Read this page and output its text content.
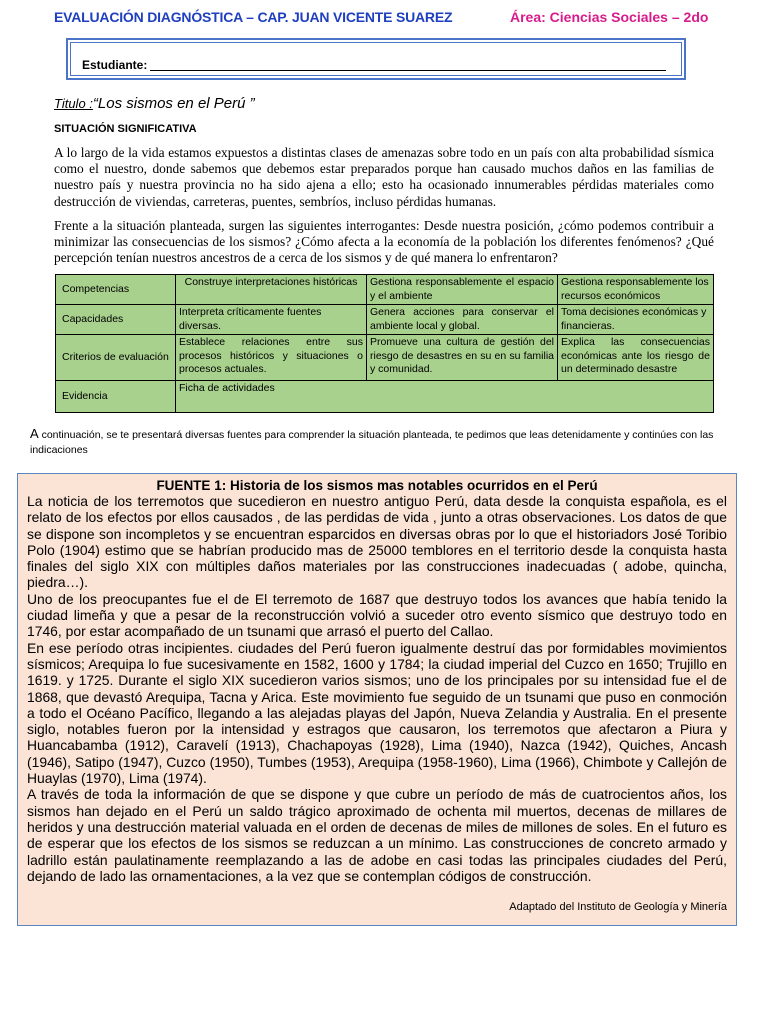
EVALUACIÓN DIAGNÓSTICA – CAP. JUAN VICENTE SUAREZ	Área: Ciencias Sociales – 2do
Estudiante:
Titulo :“Los sismos en el Perú ”
SITUACIÓN SIGNIFICATIVA
A lo largo de la vida estamos expuestos a distintas clases de amenazas sobre todo en un país con alta probabilidad sísmica como el nuestro, donde sabemos que debemos estar preparados porque han causado muchos daños en las familias de nuestro país y nuestra provincia no ha sido ajena a ello; esto ha ocasionado innumerables pérdidas materiales como destrucción de viviendas, carreteras, puentes, sembríos, incluso pérdidas humanas.
Frente a la situación planteada, surgen las siguientes interrogantes: Desde nuestra posición, ¿cómo podemos contribuir a minimizar las consecuencias de los sismos? ¿Cómo afecta a la economía de la población los diferentes fenómenos? ¿Qué percepción tenían nuestros ancestros de a cerca de los sismos y de qué manera lo enfrentaron?
Competencias	Construye interpretaciones históricas	Gestiona responsablemente el espacio y el ambiente	Gestiona responsablemente los recursos económicos
Capacidades	Interpreta críticamente fuentes diversas.	Genera acciones para conservar el ambiente local y global.	Toma decisiones económicas y financieras.
Criterios de evaluación	Establece relaciones entre sus procesos históricos y situaciones o procesos actuales.	Promueve una cultura de gestión del riesgo de desastres en su en su familia y comunidad.	Explica las consecuencias económicas ante los riesgo de un determinado desastre
Evidencia	Ficha de actividades		
A continuación, se te presentará diversas fuentes para comprender la situación planteada, te pedimos que leas detenidamente y continúes con las indicaciones
FUENTE 1: Historia de los sismos mas notables ocurridos en el Perú

La noticia de los terremotos que sucedieron en nuestro antiguo Perú, data desde la conquista española, es el relato de los efectos por ellos causados , de las perdidas de vida , junto a otras observaciones. Los datos de que se dispone son incompletos y se encuentran esparcidos en diversas obras por lo que el historiadors José Toribio Polo (1904) estimo que se habrían producido mas de 25000 temblores en el territorio desde la conquista hasta finales del siglo XIX con múltiples daños materiales por las construcciones inadecuadas ( adobe, quincha, piedra…).

Uno de los preocupantes fue el de El terremoto de 1687 que destruyo todos los avances que había tenido la ciudad limeña y que a pesar de la reconstrucción volvió a suceder otro evento sísmico que destruyo todo en 1746, por estar acompañado de un tsunami que arrasó el puerto del Callao.

En ese período otras incipientes. ciudades del Perú fueron igualmente destruí das por formidables movimientos sísmicos; Arequipa lo fue sucesivamente en 1582, 1600 y 1784; la ciudad imperial del Cuzco en 1650; Trujillo en 1619. y 1725. Durante el siglo XIX sucedieron varios sismos; uno de los principales por su intensidad fue el de 1868, que devastó Arequipa, Tacna y Arica. Este movimiento fue seguido de un tsunami que puso en conmoción a todo el Océano Pacífico, llegando a las alejadas playas del Japón, Nueva Zelandia y Australia. En el presente siglo, notables fueron por la intensidad y estragos que causaron, los terremotos que afectaron a Piura y Huancabamba (1912), Caravelí (1913), Chachapoyas (1928), Lima (1940), Nazca (1942), Quiches, Ancash (1946), Satipo (1947), Cuzco (1950), Tumbes (1953), Arequipa (1958-1960), Lima (1966), Chimbote y Callejón de Huaylas (1970), Lima (1974).

A través de toda la información de que se dispone y que cubre un período de más de cuatrocientos años, los sismos han dejado en el Perú un saldo trágico aproximado de ochenta mil muertos, decenas de millares de heridos y una destrucción material valuada en el orden de decenas de miles de millones de soles. En el futuro es de esperar que los efectos de los sismos se reduzcan a un mínimo. Las construcciones de concreto armado y ladrillo están paulatinamente reemplazando a las de adobe en casi todas las principales ciudades del Perú, dejando de lado las ornamentaciones, a la vez que se contemplan códigos de construcción.

Adaptado del Instituto de Geología y Minería
